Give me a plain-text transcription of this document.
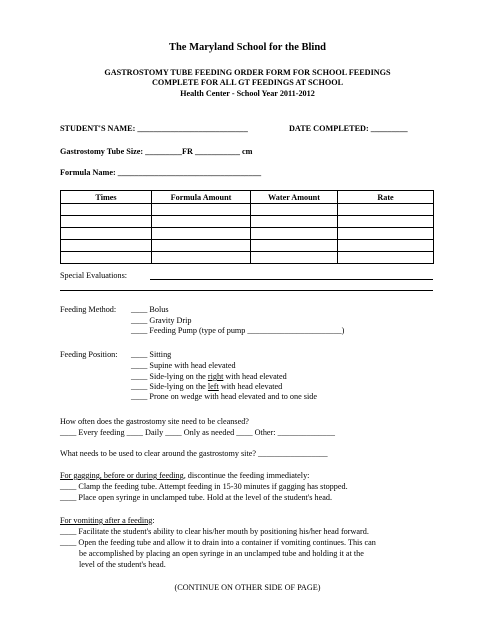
The Maryland School for the Blind
GASTROSTOMY TUBE FEEDING ORDER FORM FOR SCHOOL FEEDINGS
COMPLETE FOR ALL GT FEEDINGS AT SCHOOL
Health Center - School Year 2011-2012
STUDENT'S NAME: ___________________________	DATE COMPLETED: _________
Gastrostomy Tube Size: _________FR ___________ cm
Formula Name: ___________________________________
Times	Formula Amount	Water Amount	Rate

Special Evaluations:
Feeding Method: ____ Bolus
____ Gravity Drip
____ Feeding Pump (type of pump _______________________)
Feeding Position: ____ Sitting
____ Supine with head elevated
____ Side-lying on the right with head elevated
____ Side-lying on the left with head elevated
____ Prone on wedge with head elevated and to one side
How often does the gastrostomy site need to be cleansed?
____ Every feeding ____ Daily ____ Only as needed ____ Other: ______________
What needs to be used to clear around the gastrostomy site? _________________
For gagging, before or during feeding, discontinue the feeding immediately:
____ Clamp the feeding tube. Attempt feeding in 15-30 minutes if gagging has stopped.
____ Place open syringe in unclamped tube. Hold at the level of the student's head.
For vomiting after a feeding:
____ Facilitate the student's ability to clear his/her mouth by positioning his/her head forward.
____ Open the feeding tube and allow it to drain into a container if vomiting continues. This can
be accomplished by placing an open syringe in an unclamped tube and holding it at the
level of the student's head.
(CONTINUE ON OTHER SIDE OF PAGE)
